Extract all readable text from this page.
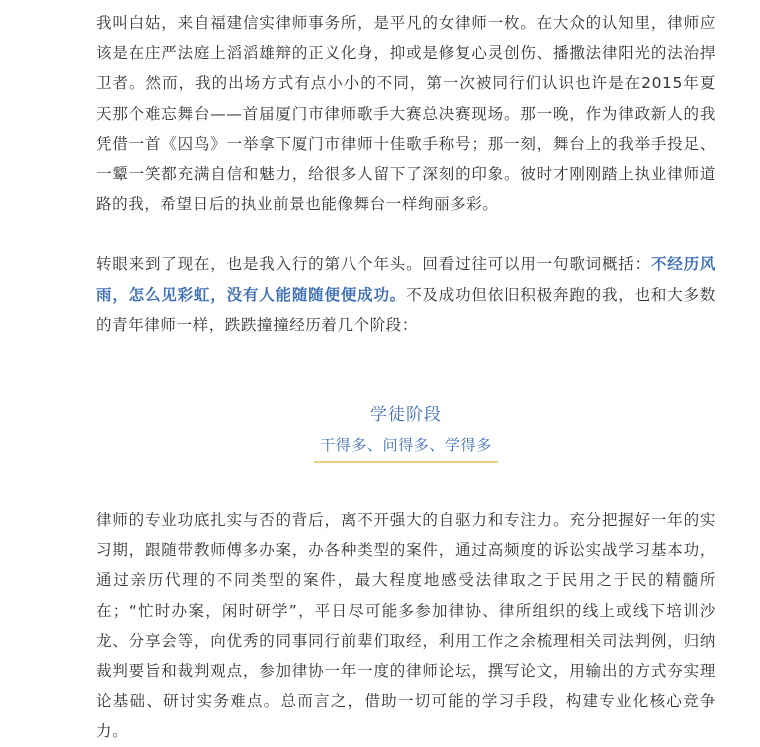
我叫白姑，来自福建信实律师事务所，是平凡的女律师一枚。在大众的认知里，律师应该是在庄严法庭上滔滔雄辩的正义化身，抑或是修复心灵创伤、播撒法律阳光的法治捍卫者。然而，我的出场方式有点小小的不同，第一次被同行们认识也许是在2015年夏天那个难忘舞台——首届厦门市律师歌手大赛总决赛现场。那一晚，作为律政新人的我凭借一首《囚鸟》一举拿下厦门市律师十佳歌手称号；那一刻，舞台上的我举手投足、一颦一笑都充满自信和魅力，给很多人留下了深刻的印象。彼时才刚刚踏上执业律师道路的我，希望日后的执业前景也能像舞台一样绚丽多彩。

转眼来到了现在，也是我入行的第八个年头。回看过往可以用一句歌词概括：不经历风雨，怎么见彩虹，没有人能随随便便成功。不及成功但依旧积极奔跑的我，也和大多数的青年律师一样，跌跌撞撞经历着几个阶段：

学徒阶段
干得多、问得多、学得多

律师的专业功底扎实与否的背后，离不开强大的自驱力和专注力。充分把握好一年的实习期，跟随带教师傅多办案，办各种类型的案件，通过高频度的诉讼实战学习基本功，通过亲历代理的不同类型的案件，最大程度地感受法律取之于民用之于民的精髓所在；“忙时办案，闲时研学”，平日尽可能多参加律协、律所组织的线上或线下培训沙龙、分享会等，向优秀的同事同行前辈们取经，利用工作之余梳理相关司法判例，归纳裁判要旨和裁判观点，参加律协一年一度的律师论坛，撰写论文，用输出的方式夯实理论基础、研讨实务难点。总而言之，借助一切可能的学习手段，构建专业化核心竞争力。
